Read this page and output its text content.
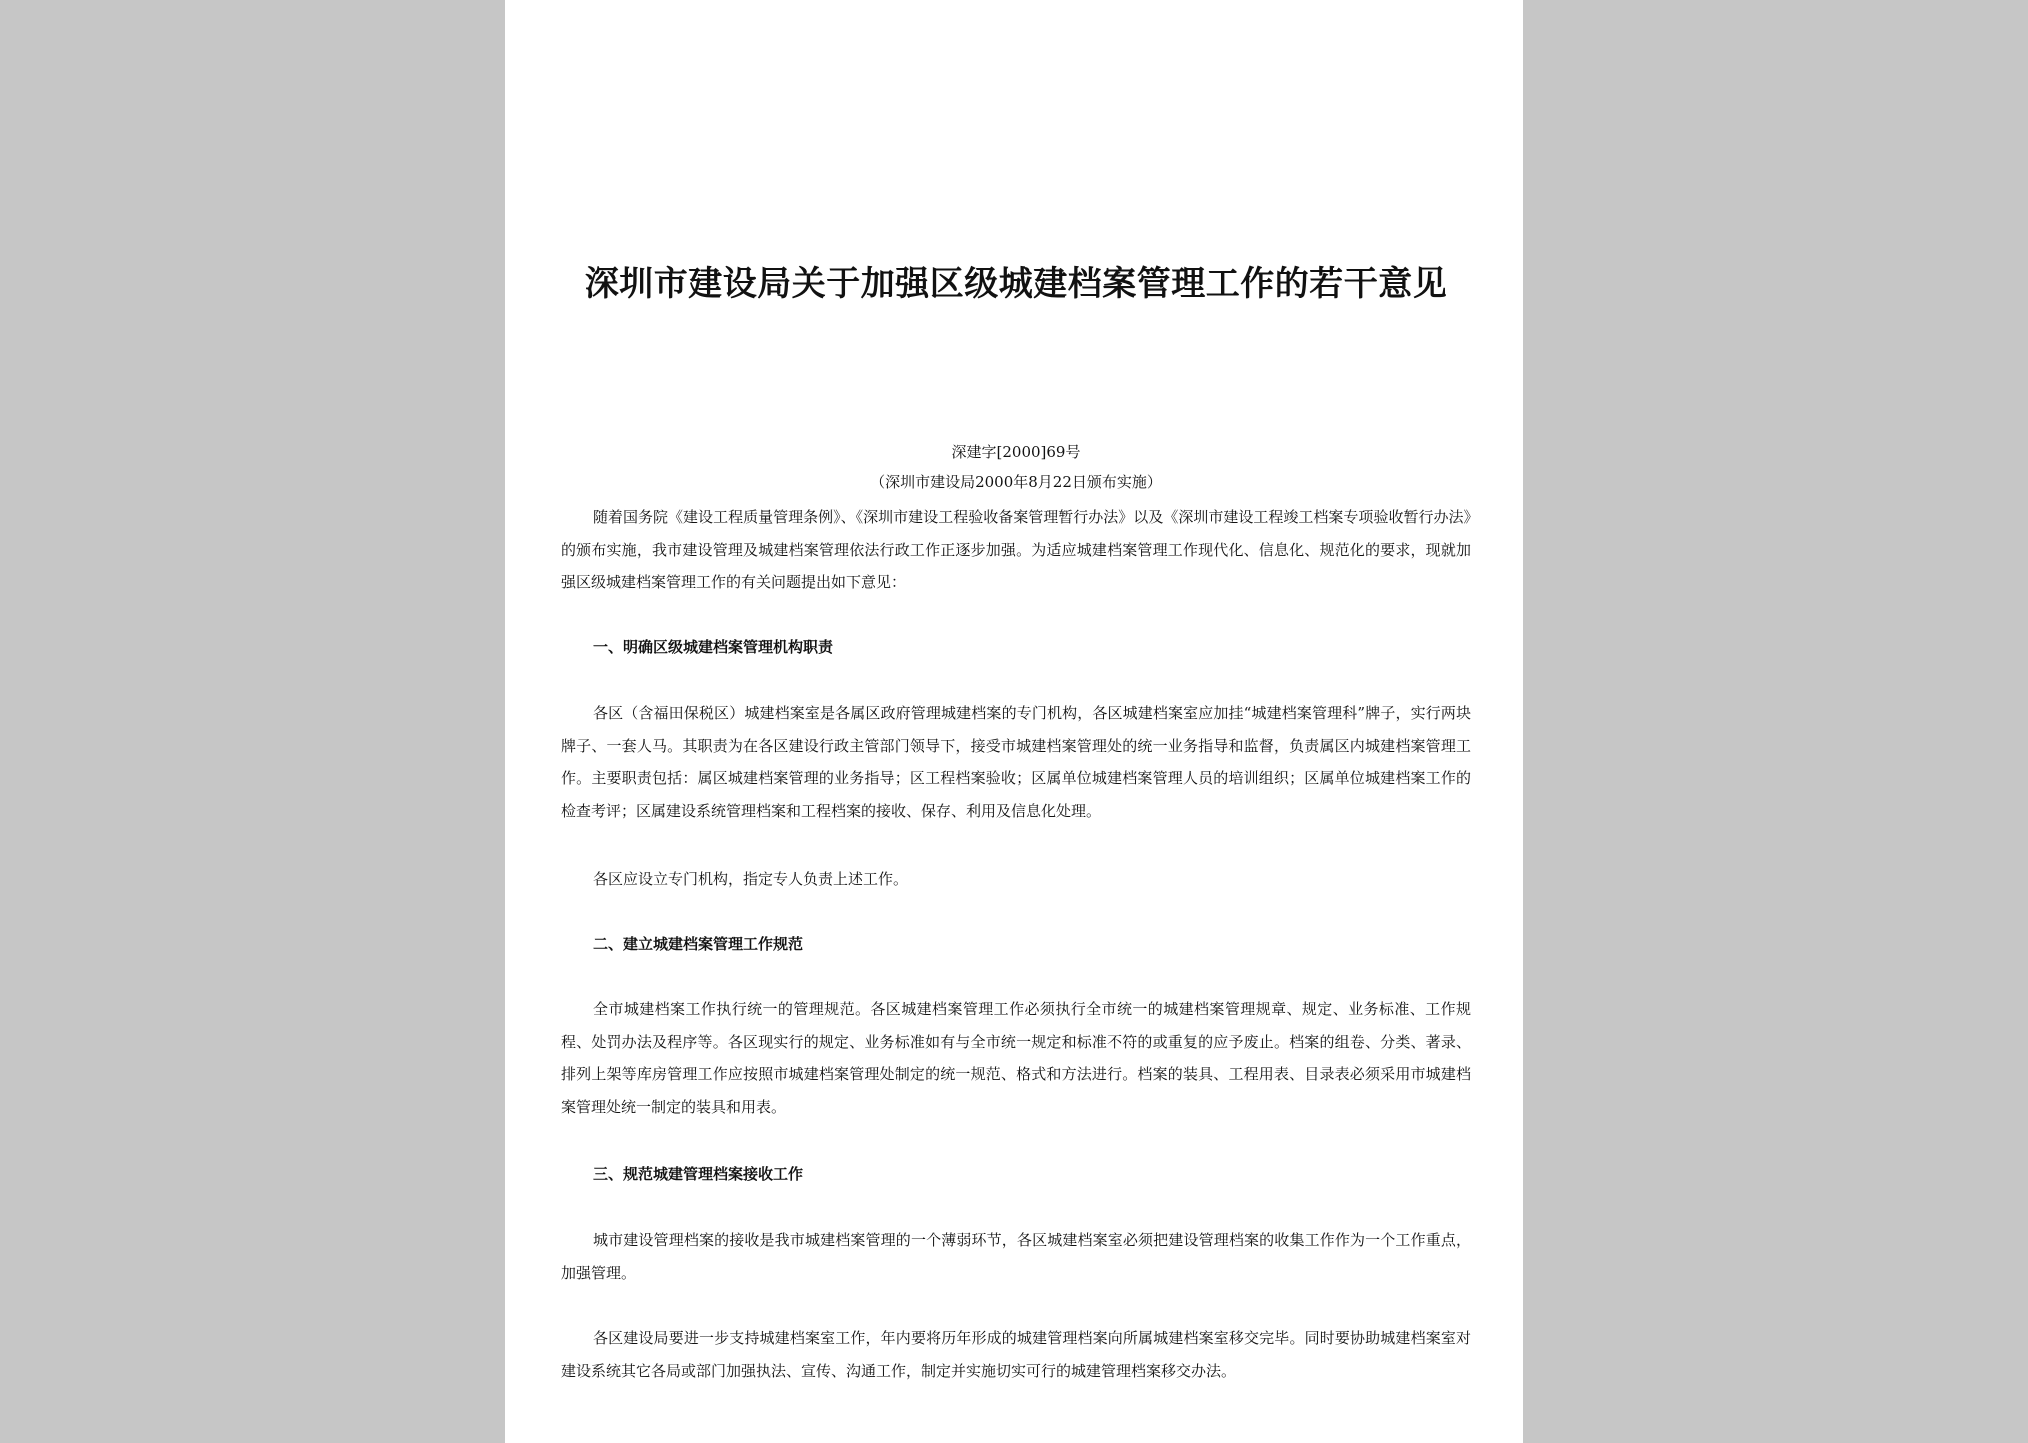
深圳市建设局关于加强区级城建档案管理工作的若干意见

深建字[2000]69号

（深圳市建设局2000年8月22日颁布实施）

随着国务院《建设工程质量管理条例》、《深圳市建设工程验收备案管理暂行办法》以及《深圳市建设工程竣工档案专项验收暂行办法》的颁布实施，我市建设管理及城建档案管理依法行政工作正逐步加强。为适应城建档案管理工作现代化、信息化、规范化的要求，现就加强区级城建档案管理工作的有关问题提出如下意见：

一、明确区级城建档案管理机构职责

各区（含福田保税区）城建档案室是各属区政府管理城建档案的专门机构，各区城建档案室应加挂“城建档案管理科”牌子，实行两块牌子、一套人马。其职责为在各区建设行政主管部门领导下，接受市城建档案管理处的统一业务指导和监督，负责属区内城建档案管理工作。主要职责包括：属区城建档案管理的业务指导；区工程档案验收；区属单位城建档案管理人员的培训组织；区属单位城建档案工作的检查考评；区属建设系统管理档案和工程档案的接收、保存、利用及信息化处理。

各区应设立专门机构，指定专人负责上述工作。

二、建立城建档案管理工作规范

全市城建档案工作执行统一的管理规范。各区城建档案管理工作必须执行全市统一的城建档案管理规章、规定、业务标准、工作规程、处罚办法及程序等。各区现实行的规定、业务标准如有与全市统一规定和标准不符的或重复的应予废止。档案的组卷、分类、著录、排列上架等库房管理工作应按照市城建档案管理处制定的统一规范、格式和方法进行。档案的装具、工程用表、目录表必须采用市城建档案管理处统一制定的装具和用表。

三、规范城建管理档案接收工作

城市建设管理档案的接收是我市城建档案管理的一个薄弱环节，各区城建档案室必须把建设管理档案的收集工作作为一个工作重点，加强管理。

各区建设局要进一步支持城建档案室工作，年内要将历年形成的城建管理档案向所属城建档案室移交完毕。同时要协助城建档案室对建设系统其它各局或部门加强执法、宣传、沟通工作，制定并实施切实可行的城建管理档案移交办法。
